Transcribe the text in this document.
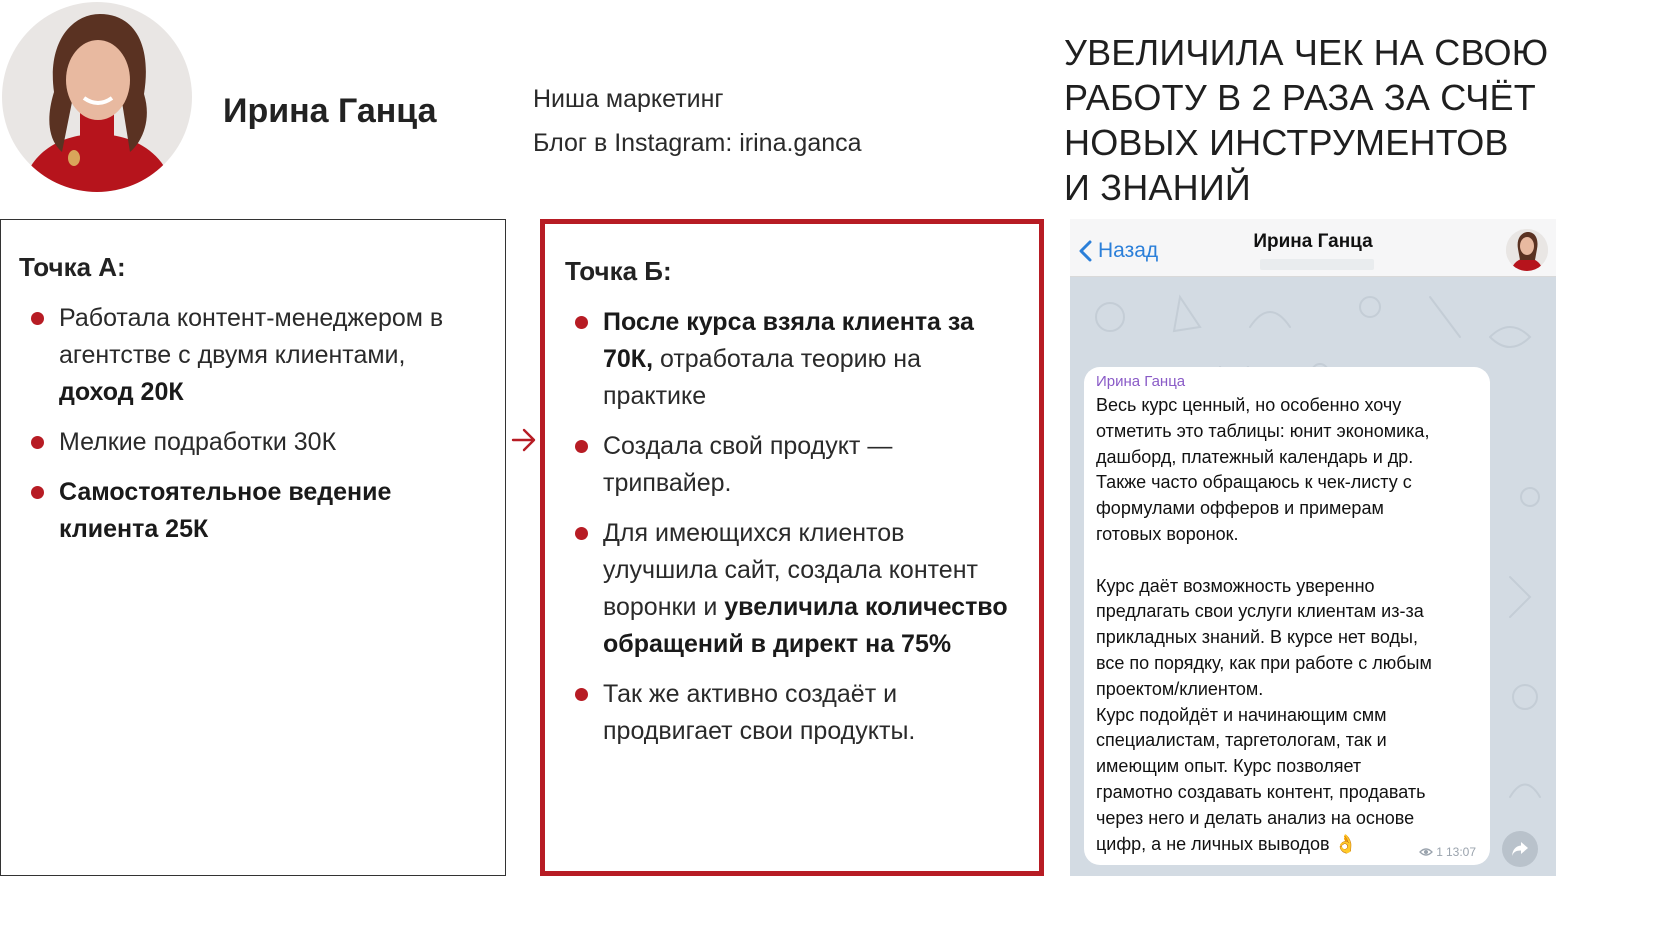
Ирина Ганца	Ниша маркетинг
Блог в Instagram: irina.ganca
УВЕЛИЧИЛА ЧЕК НА СВОЮ
РАБОТУ В 2 РАЗА ЗА СЧЁТ
НОВЫХ ИНСТРУМЕНТОВ
И ЗНАНИЙ
Точка А:
Работала контент-менеджером в агентстве с двумя клиентами, доход 20К
Мелкие подработки 30К
Самостоятельное ведение клиента 25К
Точка Б:
После курса взяла клиента за 70К, отработала теорию на практике
Создала свой продукт — трипвайер.
Для имеющихся клиентов улучшила сайт, создала контент воронки и увеличила количество обращений в директ на 75%
Так же активно создаёт и продвигает свои продукты.
Назад	Ирина Ганца
Ирина Ганца
Весь курс ценный, но особенно хочу
отметить это таблицы: юнит экономика,
дашборд, платежный календарь и др.
Также часто обращаюсь к чек-листу с
формулами офферов и примерам
готовых воронок.

Курс даёт возможность уверенно
предлагать свои услуги клиентам из-за
прикладных знаний. В курсе нет воды,
все по порядку, как при работе с любым
проектом/клиентом.
Курс подойдёт и начинающим смм
специалистам, таргетологам, так и
имеющим опыт. Курс позволяет
грамотно создавать контент, продавать
через него и делать анализ на основе
цифр, а не личных выводов 👌	1 13:07
